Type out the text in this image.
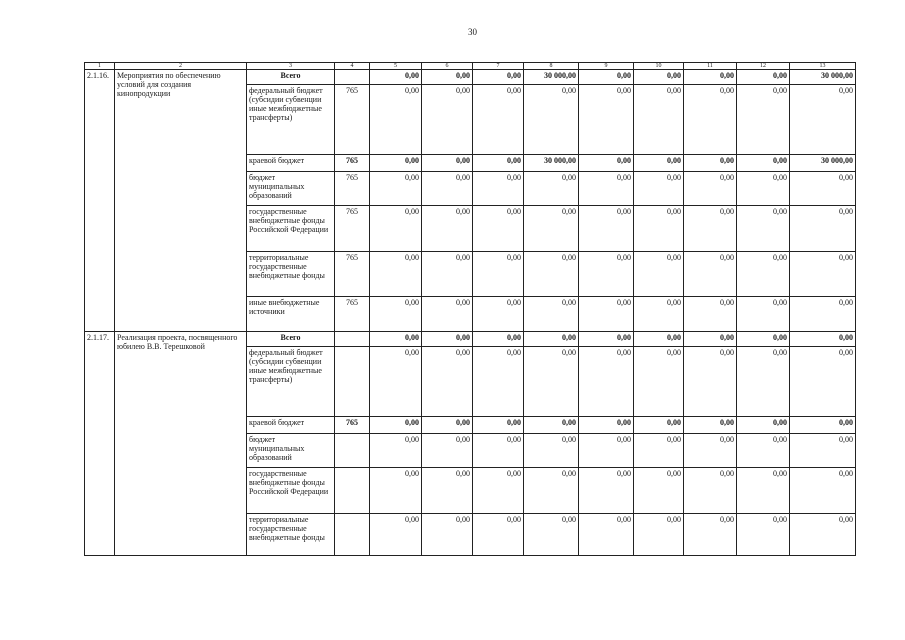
30
1	2	3	4	5	6	7	8	9	10	11	12	13
2.1.16.	Мероприятия по обеспечению условий для создания кинопродукции	Всего		0,00	0,00	0,00	30 000,00	0,00	0,00	0,00	0,00	30 000,00
		федеральный бюджет (субсидии субвенции иные межбюджетные трансферты)	765	0,00	0,00	0,00	0,00	0,00	0,00	0,00	0,00	0,00
		краевой бюджет	765	0,00	0,00	0,00	30 000,00	0,00	0,00	0,00	0,00	30 000,00
		бюджет муниципальных образований	765	0,00	0,00	0,00	0,00	0,00	0,00	0,00	0,00	0,00
		государственные внебюджетные фонды Российской Федерации	765	0,00	0,00	0,00	0,00	0,00	0,00	0,00	0,00	0,00
		территориальные государственные внебюджетные фонды	765	0,00	0,00	0,00	0,00	0,00	0,00	0,00	0,00	0,00
		иные внебюджетные источники	765	0,00	0,00	0,00	0,00	0,00	0,00	0,00	0,00	0,00
2.1.17.	Реализация проекта, посвященного юбилею В.В. Терешковой	Всего		0,00	0,00	0,00	0,00	0,00	0,00	0,00	0,00	0,00
		федеральный бюджет (субсидии субвенции иные межбюджетные трансферты)		0,00	0,00	0,00	0,00	0,00	0,00	0,00	0,00	0,00
		краевой бюджет	765	0,00	0,00	0,00	0,00	0,00	0,00	0,00	0,00	0,00
		бюджет муниципальных образований		0,00	0,00	0,00	0,00	0,00	0,00	0,00	0,00	0,00
		государственные внебюджетные фонды Российской Федерации		0,00	0,00	0,00	0,00	0,00	0,00	0,00	0,00	0,00
		территориальные государственные внебюджетные фонды		0,00	0,00	0,00	0,00	0,00	0,00	0,00	0,00	0,00
